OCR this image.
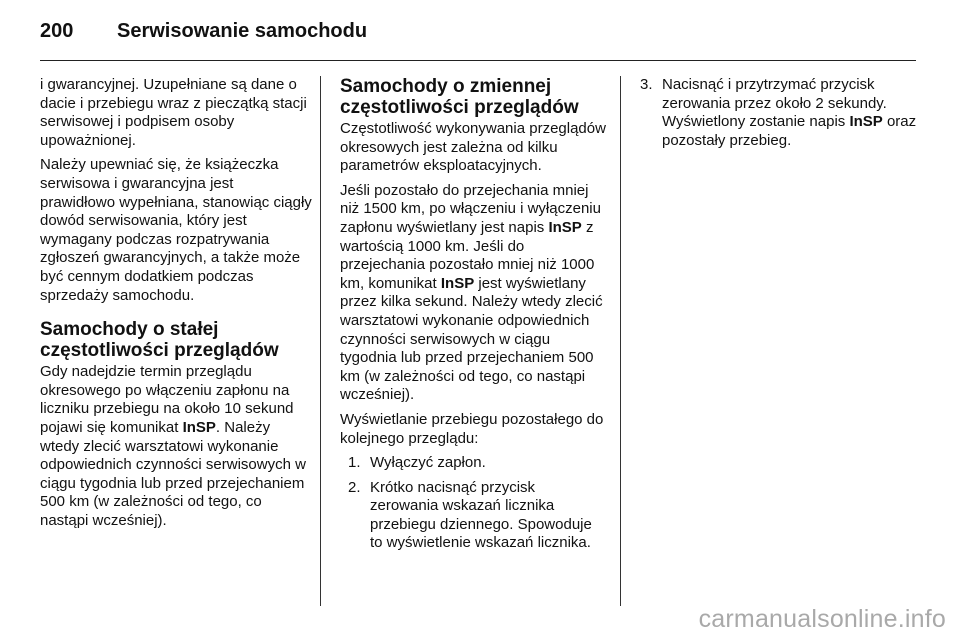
200 Serwisowanie samochodu

i gwarancyjnej. Uzupełniane są dane o dacie i przebiegu wraz z pieczątką stacji serwisowej i podpisem osoby upoważnionej.

Należy upewniać się, że książeczka serwisowa i gwarancyjna jest prawidłowo wypełniana, stanowiąc ciągły dowód serwisowania, który jest wymagany podczas rozpatrywania zgłoszeń gwarancyjnych, a także może być cennym dodatkiem podczas sprzedaży samochodu.

Samochody o stałej częstotliwości przeglądów

Gdy nadejdzie termin przeglądu okresowego po włączeniu zapłonu na liczniku przebiegu na około 10 sekund pojawi się komunikat InSP. Należy wtedy zlecić warsztatowi wykonanie odpowiednich czynności serwisowych w ciągu tygodnia lub przed przejechaniem 500 km (w zależności od tego, co nastąpi wcześniej).

Samochody o zmiennej częstotliwości przeglądów

Częstotliwość wykonywania przeglądów okresowych jest zależna od kilku parametrów eksploatacyjnych.

Jeśli pozostało do przejechania mniej niż 1500 km, po włączeniu i wyłączeniu zapłonu wyświetlany jest napis InSP z wartością 1000 km. Jeśli do przejechania pozostało mniej niż 1000 km, komunikat InSP jest wyświetlany przez kilka sekund. Należy wtedy zlecić warsztatowi wykonanie odpowiednich czynności serwisowych w ciągu tygodnia lub przed przejechaniem 500 km (w zależności od tego, co nastąpi wcześniej).

Wyświetlanie przebiegu pozostałego do kolejnego przeglądu:

1. Wyłączyć zapłon.
2. Krótko nacisnąć przycisk zerowania wskazań licznika przebiegu dziennego. Spowoduje to wyświetlenie wskazań licznika.
3. Nacisnąć i przytrzymać przycisk zerowania przez około 2 sekundy. Wyświetlony zostanie napis InSP oraz pozostały przebieg.
carmanualsonline.info
